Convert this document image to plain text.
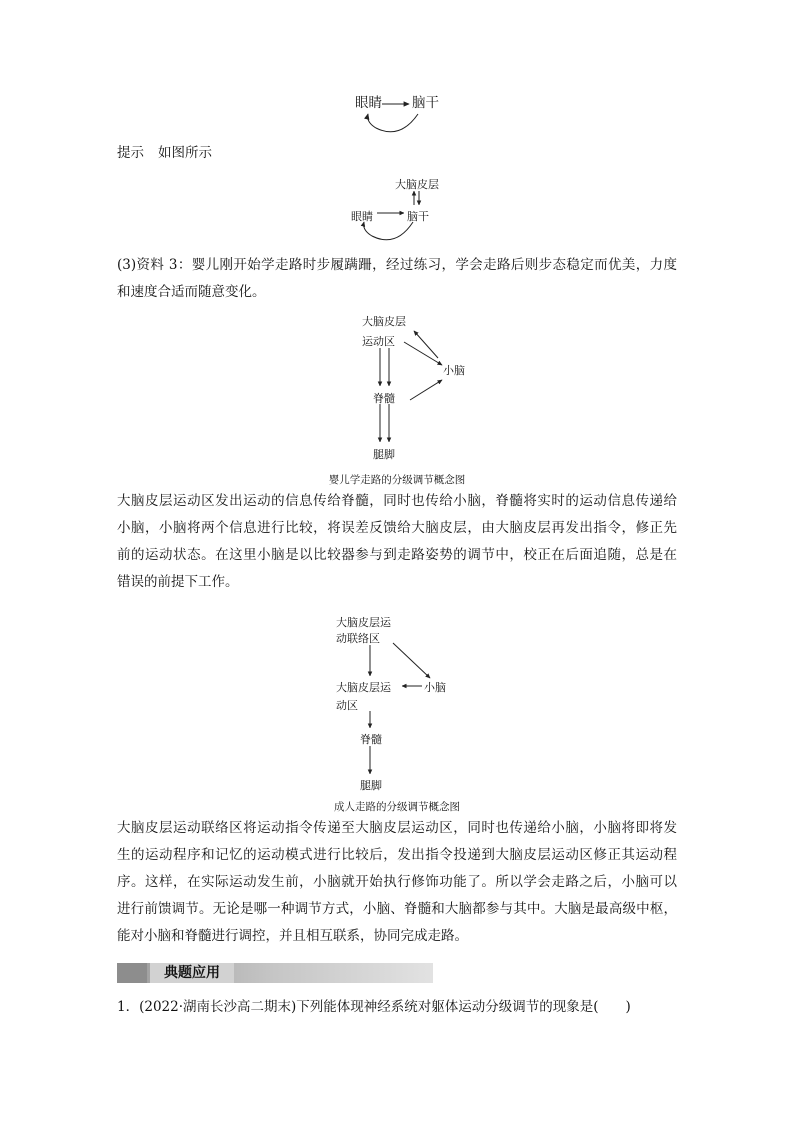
眼睛 脑干
提示 如图所示
大脑皮层
眼睛	脑干
(3)资料 3：婴儿刚开始学走路时步履蹒跚，经过练习，学会走路后则步态稳定而优美，力度
和速度合适而随意变化。
大脑皮层
运动区
小脑
脊髓
腿脚
婴儿学走路的分级调节概念图
大脑皮层运动区发出运动的信息传给脊髓，同时也传给小脑，脊髓将实时的运动信息传递给
小脑，小脑将两个信息进行比较，将误差反馈给大脑皮层，由大脑皮层再发出指令，修正先
前的运动状态。在这里小脑是以比较器参与到走路姿势的调节中，校正在后面追随，总是在
错误的前提下工作。
大脑皮层运
动联络区
大脑皮层运
动区
小脑
脊髓
腿脚
成人走路的分级调节概念图
大脑皮层运动联络区将运动指令传递至大脑皮层运动区，同时也传递给小脑，小脑将即将发
生的运动程序和记忆的运动模式进行比较后，发出指令投递到大脑皮层运动区修正其运动程
序。这样，在实际运动发生前，小脑就开始执行修饰功能了。所以学会走路之后，小脑可以
进行前馈调节。无论是哪一种调节方式，小脑、脊髓和大脑都参与其中。大脑是最高级中枢，
能对小脑和脊髓进行调控，并且相互联系，协同完成走路。
典题应用
1．(2022·湖南长沙高二期末)下列能体现神经系统对躯体运动分级调节的现象是(　　)
